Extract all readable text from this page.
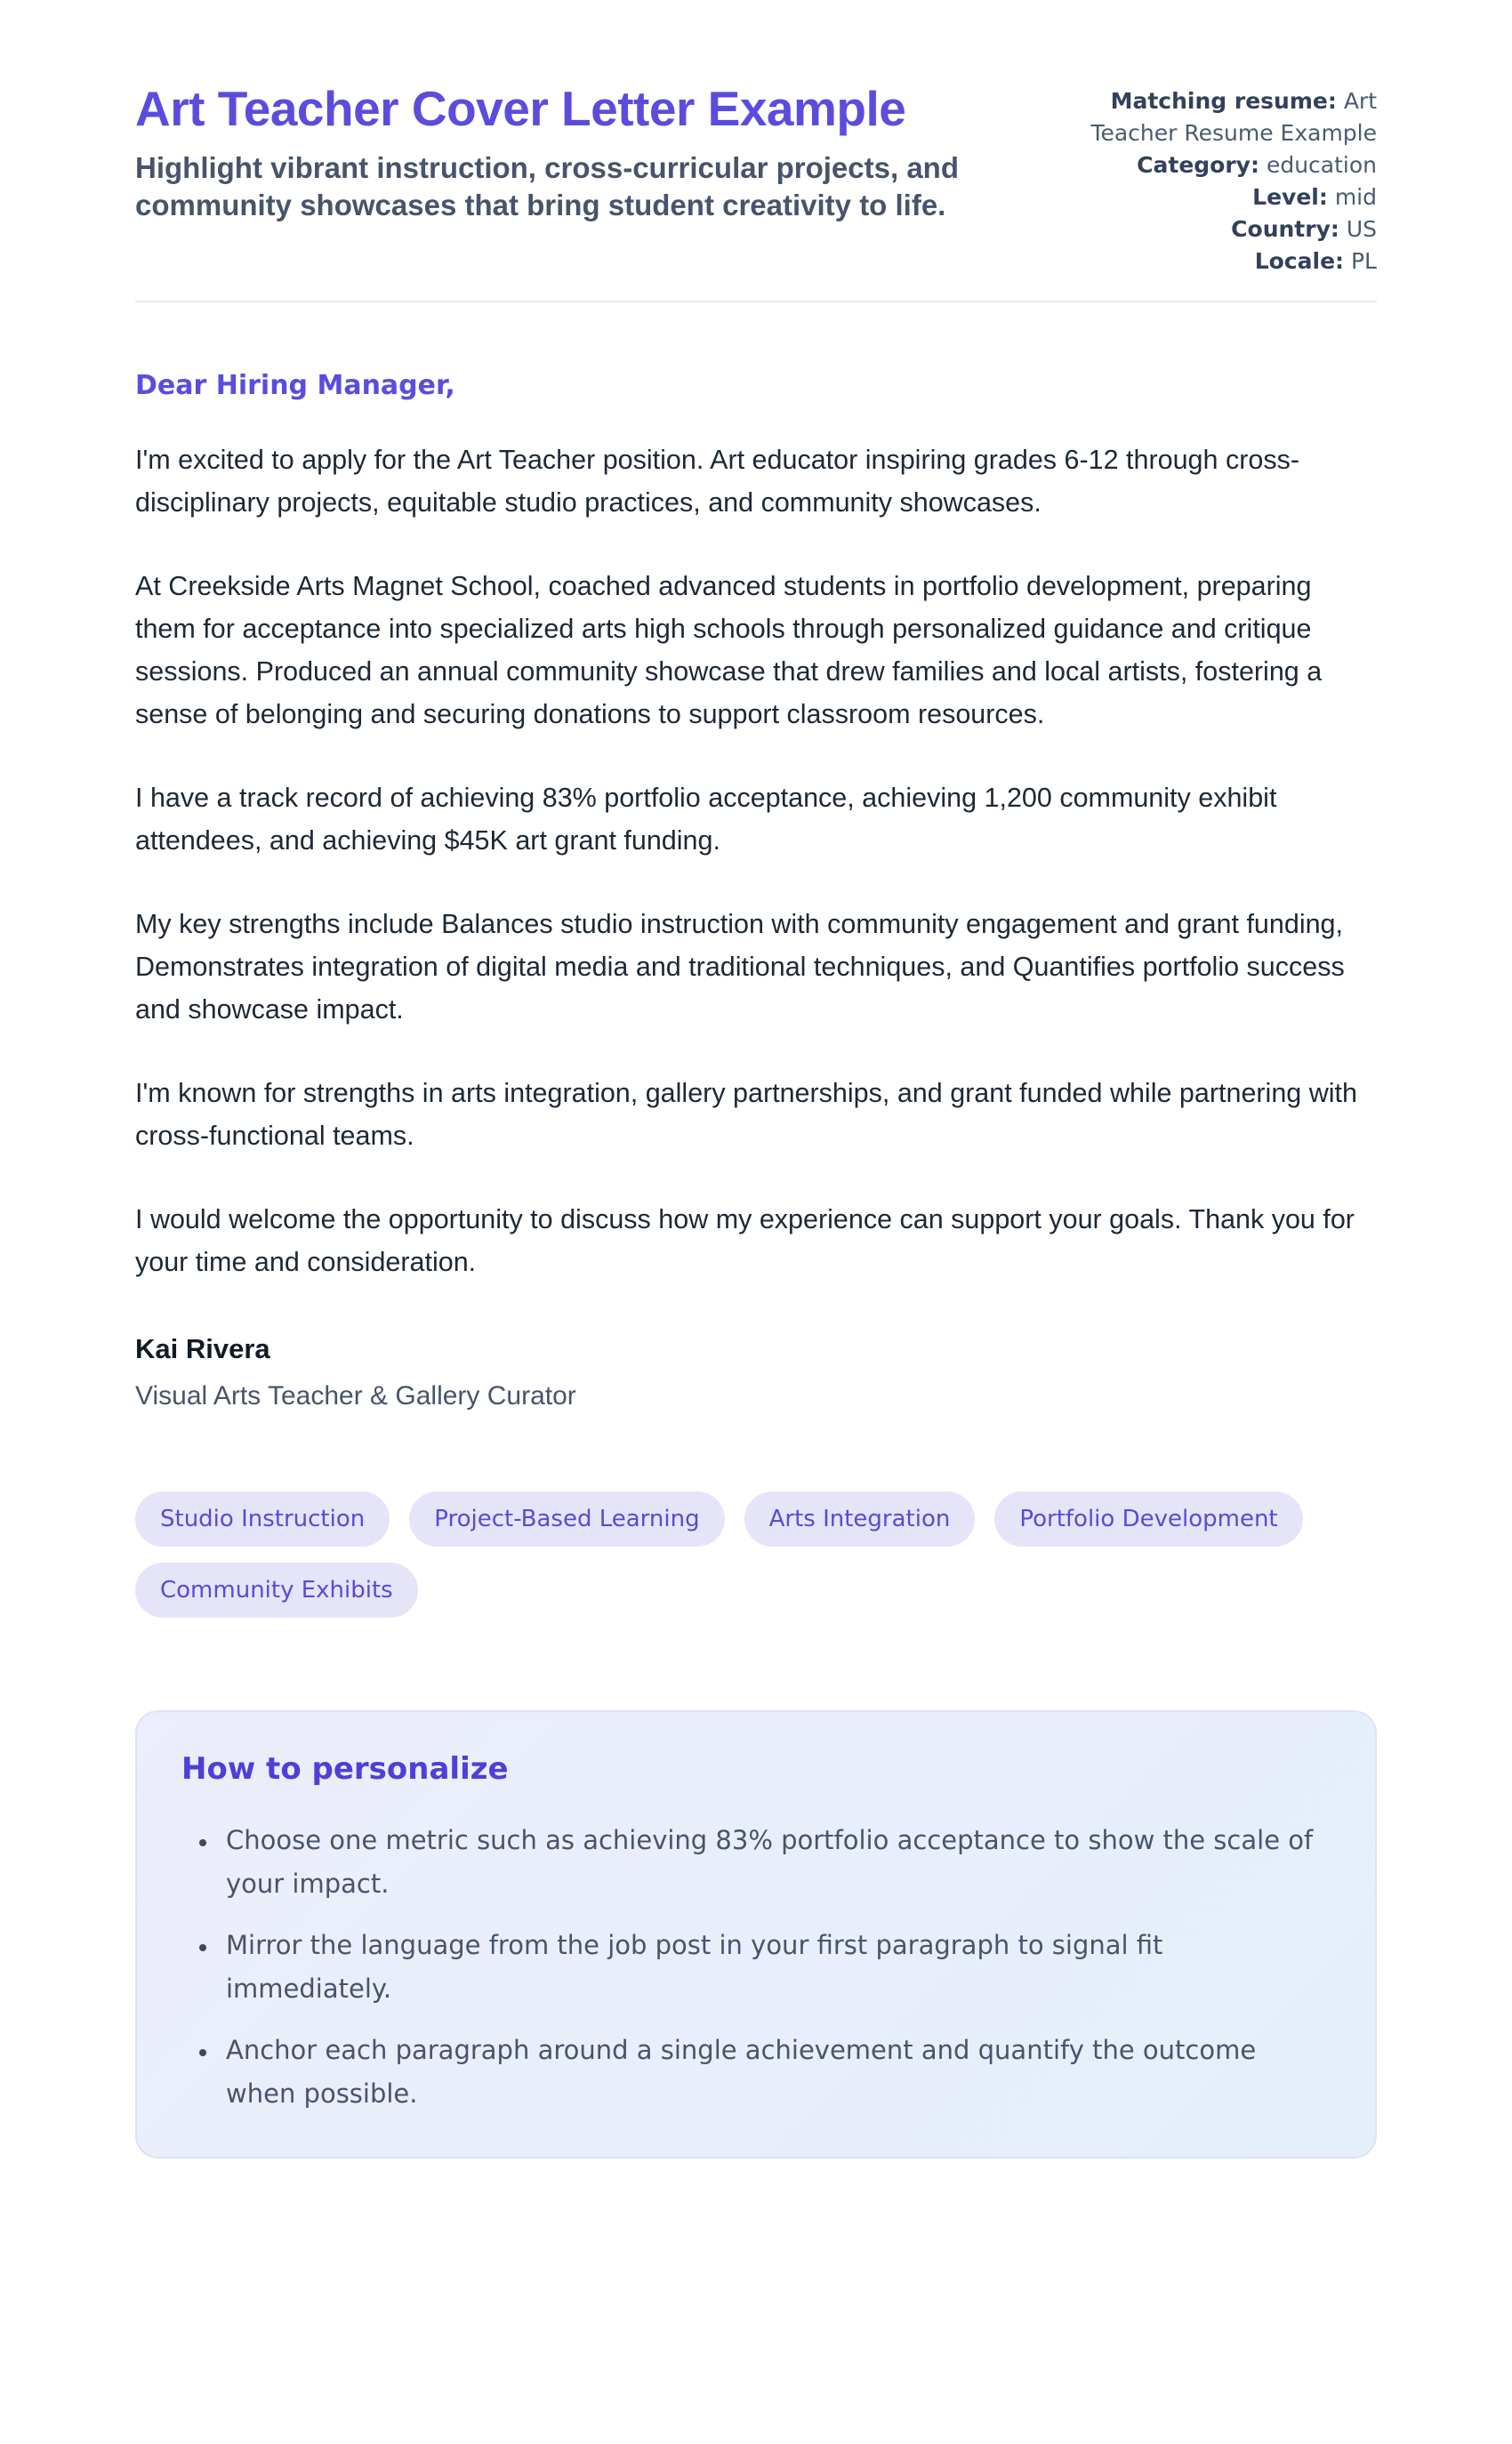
Art Teacher Cover Letter Example

Highlight vibrant instruction, cross-curricular projects, and community showcases that bring student creativity to life.

Matching resume: Art Teacher Resume Example
Category: education
Level: mid
Country: US
Locale: PL
Dear Hiring Manager,

I'm excited to apply for the Art Teacher position. Art educator inspiring grades 6-12 through cross-disciplinary projects, equitable studio practices, and community showcases.

At Creekside Arts Magnet School, coached advanced students in portfolio development, preparing them for acceptance into specialized arts high schools through personalized guidance and critique sessions. Produced an annual community showcase that drew families and local artists, fostering a sense of belonging and securing donations to support classroom resources.

I have a track record of achieving 83% portfolio acceptance, achieving 1,200 community exhibit attendees, and achieving $45K art grant funding.

My key strengths include Balances studio instruction with community engagement and grant funding, Demonstrates integration of digital media and traditional techniques, and Quantifies portfolio success and showcase impact.

I'm known for strengths in arts integration, gallery partnerships, and grant funded while partnering with cross-functional teams.

I would welcome the opportunity to discuss how my experience can support your goals. Thank you for your time and consideration.

Kai Rivera
Visual Arts Teacher & Gallery Curator
Studio Instruction	Project-Based Learning	Arts Integration	Portfolio Development
Community Exhibits
How to personalize
• Choose one metric such as achieving 83% portfolio acceptance to show the scale of your impact.
• Mirror the language from the job post in your first paragraph to signal fit immediately.
• Anchor each paragraph around a single achievement and quantify the outcome when possible.
